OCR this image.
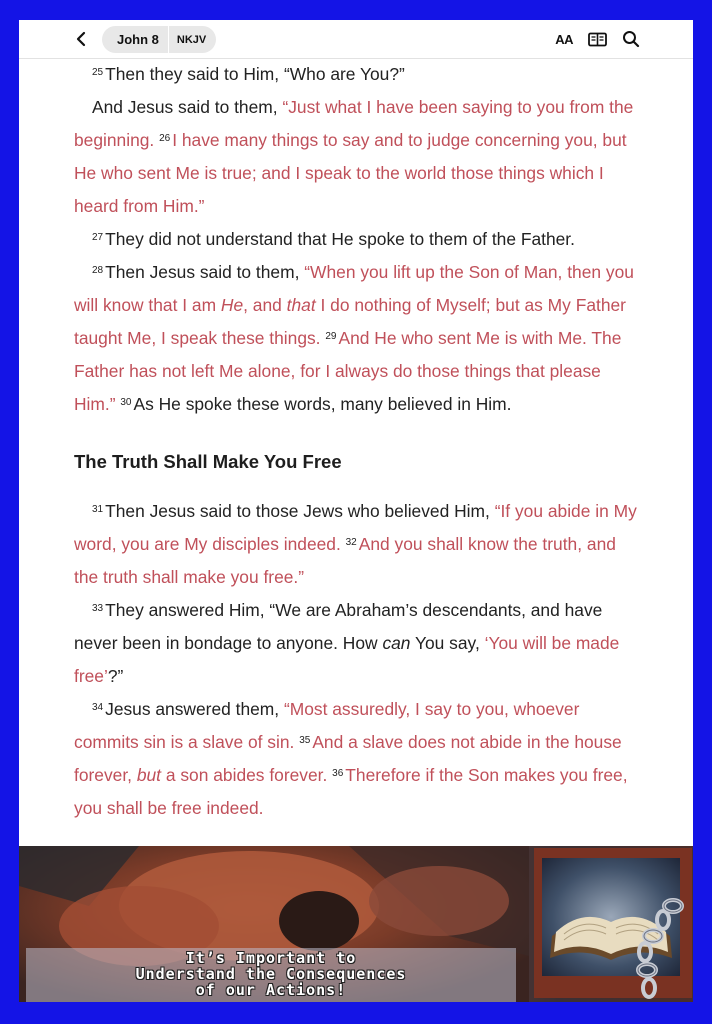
John 8	NKJV	AA

$^{25}$ Then they said to Him, “Who are You?”

And Jesus said to them, “Just what I have been saying to you from the beginning. $^{26}$ I have many things to say and to judge concerning you, but He who sent Me is true; and I speak to the world those things which I heard from Him.”

$^{27}$ They did not understand that He spoke to them of the Father.

$^{28}$ Then Jesus said to them, “When you lift up the Son of Man, then you will know that I am He, and that I do nothing of Myself; but as My Father taught Me, I speak these things. $^{29}$ And He who sent Me is with Me. The Father has not left Me alone, for I always do those things that please Him.” $^{30}$ As He spoke these words, many believed in Him.

The Truth Shall Make You Free

$^{31}$ Then Jesus said to those Jews who believed Him, “If you abide in My word, you are My disciples indeed. $^{32}$ And you shall know the truth, and the truth shall make you free.”

$^{33}$ They answered Him, “We are Abraham’s descendants, and have never been in bondage to anyone. How can You say, ‘You will be made free’?”

$^{34}$ Jesus answered them, “Most assuredly, I say to you, whoever commits sin is a slave of sin. $^{35}$ And a slave does not abide in the house forever, but a son abides forever. $^{36}$ Therefore if the Son makes you free, you shall be free indeed.

It’s Important to
Understand the Consequences
of our Actions!
